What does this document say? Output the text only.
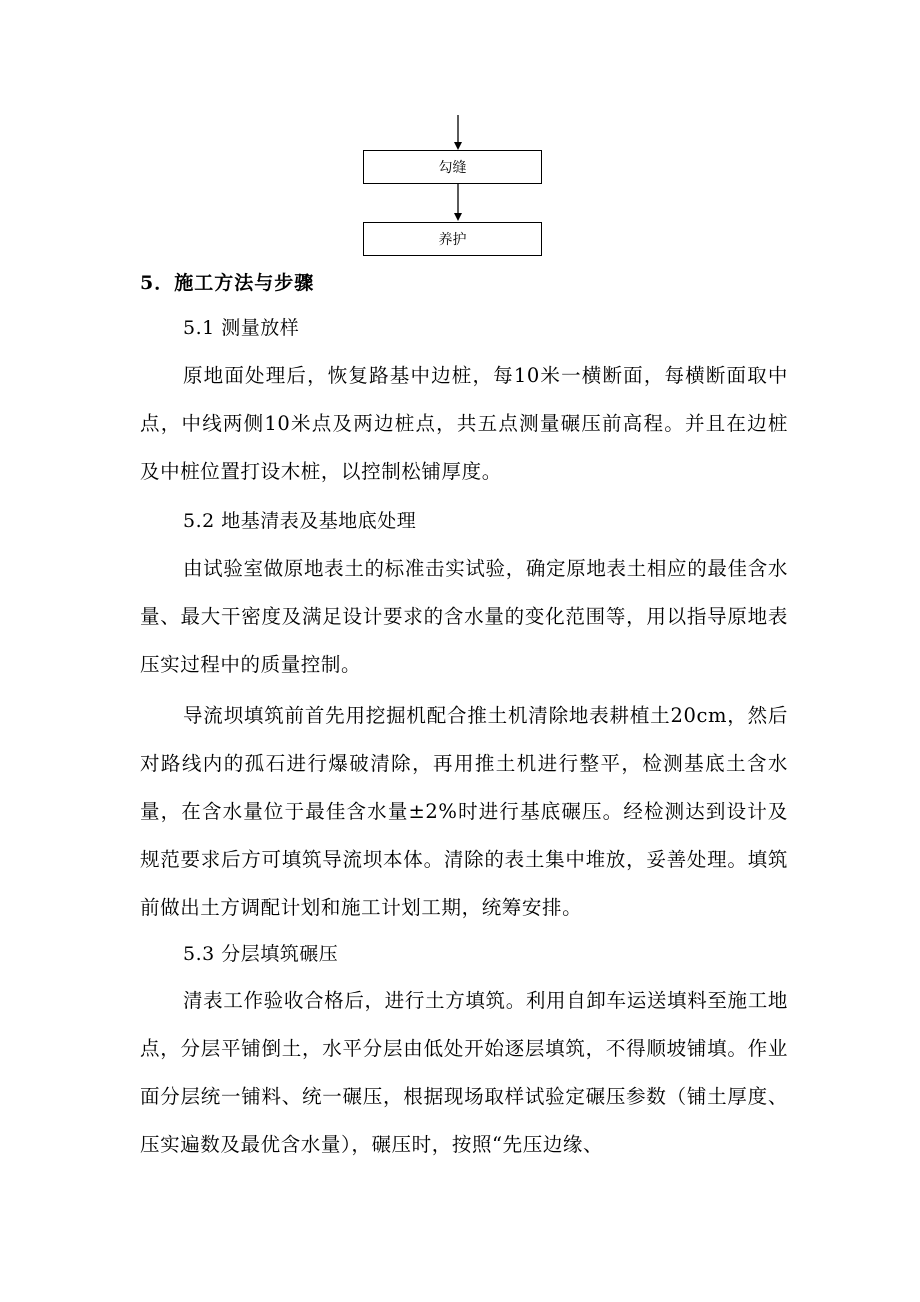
勾缝
养护
5．施工方法与步骤
5.1 测量放样
原地面处理后，恢复路基中边桩，每10米一横断面，每横断面取中点，中线两侧10米点及两边桩点，共五点测量碾压前高程。并且在边桩及中桩位置打设木桩，以控制松铺厚度。
5.2 地基清表及基地底处理
由试验室做原地表土的标准击实试验，确定原地表土相应的最佳含水量、最大干密度及满足设计要求的含水量的变化范围等，用以指导原地表压实过程中的质量控制。
导流坝填筑前首先用挖掘机配合推土机清除地表耕植土20cm，然后对路线内的孤石进行爆破清除，再用推土机进行整平，检测基底土含水量，在含水量位于最佳含水量±2%时进行基底碾压。经检测达到设计及规范要求后方可填筑导流坝本体。清除的表土集中堆放，妥善处理。填筑前做出土方调配计划和施工计划工期，统筹安排。
5.3 分层填筑碾压
清表工作验收合格后，进行土方填筑。利用自卸车运送填料至施工地点，分层平铺倒土，水平分层由低处开始逐层填筑，不得顺坡铺填。作业面分层统一铺料、统一碾压，根据现场取样试验定碾压参数（铺土厚度、压实遍数及最优含水量），碾压时，按照“先压边缘、
